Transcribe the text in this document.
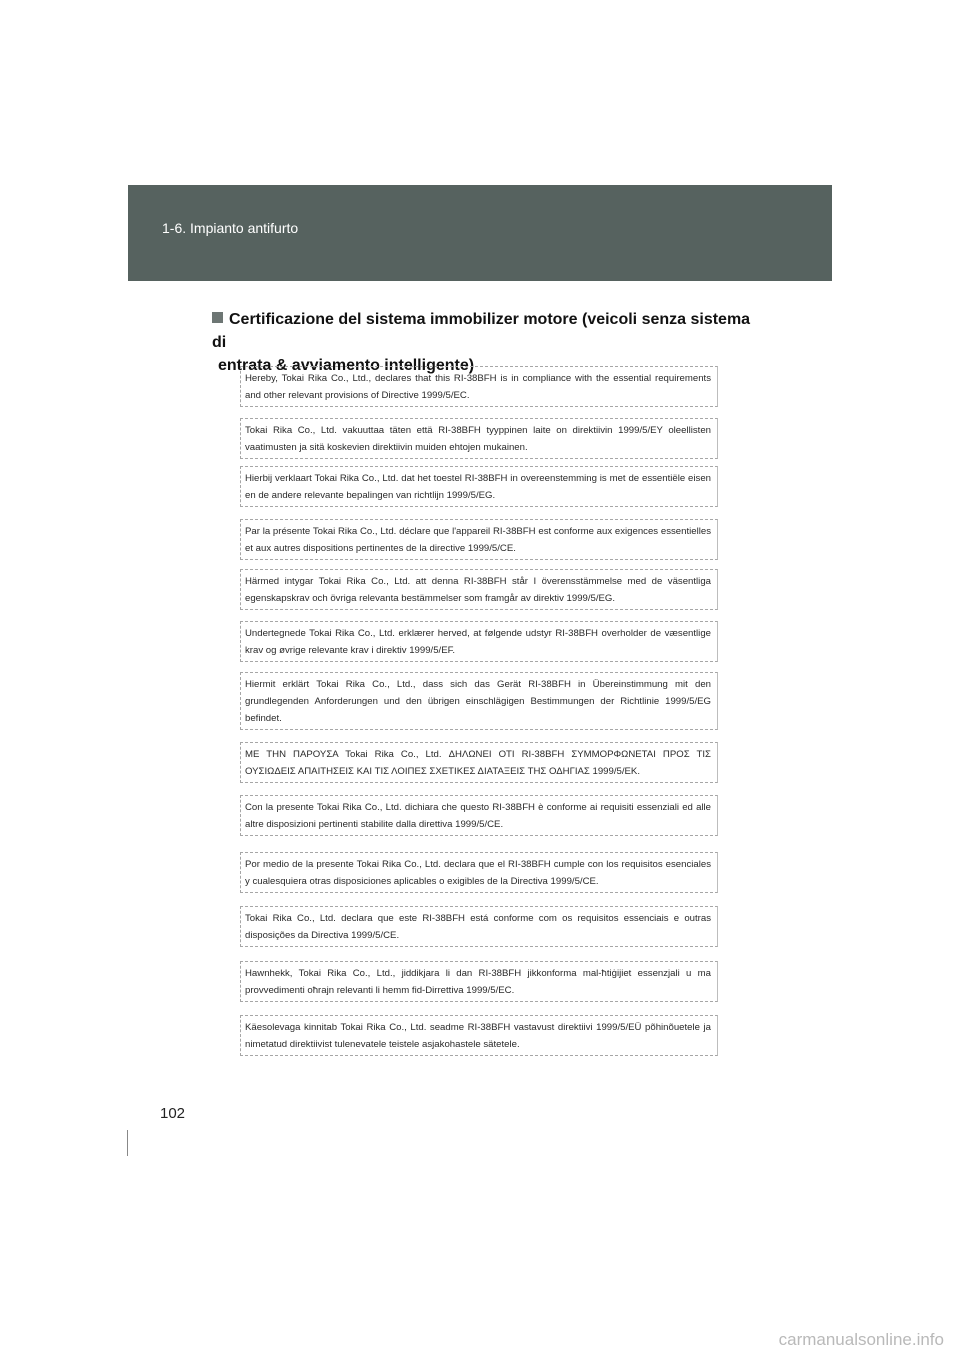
1-6. Impianto antifurto
Certificazione del sistema immobilizer motore (veicoli senza sistema di
entrata & avviamento intelligente)
Hereby, Tokai Rika Co., Ltd., declares that this RI-38BFH is in compliance with the essential requirements and other relevant provisions of Directive 1999/5/EC.
Tokai Rika Co., Ltd. vakuuttaa täten että RI-38BFH tyyppinen laite on direktiivin 1999/5/EY oleellisten vaatimusten ja sitä koskevien direktiivin muiden ehtojen mukainen.
Hierbij verklaart Tokai Rika Co., Ltd. dat het toestel RI-38BFH in overeenstemming is met de essentiële eisen en de andere relevante bepalingen van richtlijn 1999/5/EG.
Par la présente Tokai Rika Co., Ltd. déclare que l'appareil RI-38BFH est conforme aux exigences essentielles et aux autres dispositions pertinentes de la directive 1999/5/CE.
Härmed intygar Tokai Rika Co., Ltd. att denna RI-38BFH står I överensstämmelse med de väsentliga egenskapskrav och övriga relevanta bestämmelser som framgår av direktiv 1999/5/EG.
Undertegnede Tokai Rika Co., Ltd. erklærer herved, at følgende udstyr RI-38BFH overholder de væsentlige krav og øvrige relevante krav i direktiv 1999/5/EF.
Hiermit erklärt Tokai Rika Co., Ltd., dass sich das Gerät RI-38BFH in Übereinstimmung mit den grundlegenden Anforderungen und den übrigen einschlägigen Bestimmungen der Richtlinie 1999/5/EG befindet.
ΜΕ ΤΗΝ ΠΑΡΟΥΣΑ Tokai Rika Co., Ltd. ΔΗΛΩΝΕΙ ΟΤΙ RI-38BFH ΣΥΜΜΟΡΦΩΝΕΤΑΙ ΠΡΟΣ ΤΙΣ ΟΥΣΙΩΔΕΙΣ ΑΠΑΙΤΗΣΕΙΣ ΚΑΙ ΤΙΣ ΛΟΙΠΕΣ ΣΧΕΤΙΚΕΣ ΔΙΑΤΑΞΕΙΣ ΤΗΣ ΟΔΗΓΙΑΣ 1999/5/ΕΚ.
Con la presente Tokai Rika Co., Ltd. dichiara che questo RI-38BFH è conforme ai requisiti essenziali ed alle altre disposizioni pertinenti stabilite dalla direttiva 1999/5/CE.
Por medio de la presente Tokai Rika Co., Ltd. declara que el RI-38BFH cumple con los requisitos esenciales y cualesquiera otras disposiciones aplicables o exigibles de la Directiva 1999/5/CE.
Tokai Rika Co., Ltd. declara que este RI-38BFH está conforme com os requisitos essenciais e outras disposições da Directiva 1999/5/CE.
Hawnhekk, Tokai Rika Co., Ltd., jiddikjara li dan RI-38BFH jikkonforma mal-ħtiġijiet essenzjali u ma provvedimenti oħrajn relevanti li hemm fid-Dirrettiva 1999/5/EC.
Käesolevaga kinnitab Tokai Rika Co., Ltd. seadme RI-38BFH vastavust direktiivi 1999/5/EÜ põhinõuetele ja nimetatud direktiivist tulenevatele teistele asjakohastele sätetele.
102
carmanualsonline.info
